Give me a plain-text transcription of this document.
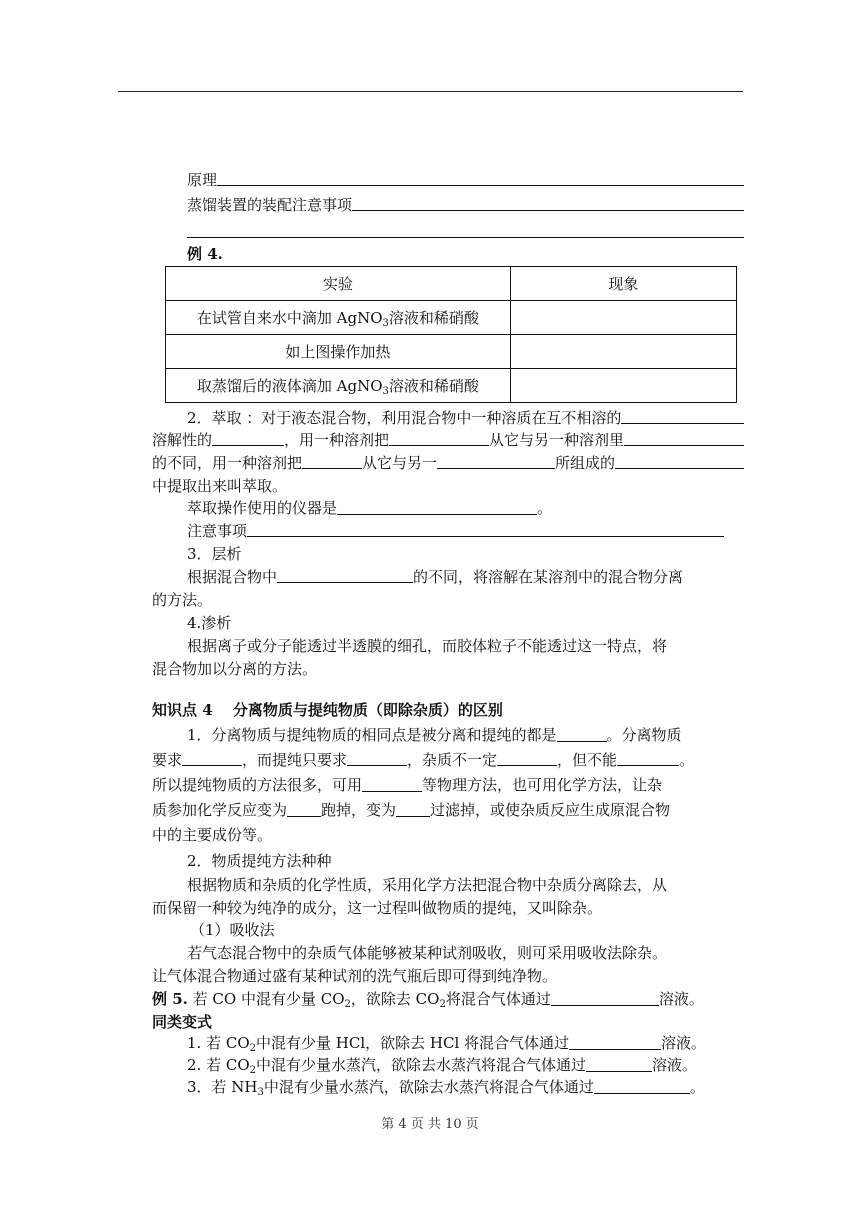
原理
蒸馏装置的装配注意事项
例 4.
实验	现象
在试管自来水中滴加 AgNO$_3$溶液和稀硝酸	
如上图操作加热	
取蒸馏后的液体滴加 AgNO$_3$溶液和稀硝酸	
2．萃取 ：对于液态混合物，利用混合物中一种溶质在互不相溶的
溶解性的	，用一种溶剂把	从它与另一种溶剂里
的不同，用一种溶剂把	从它与另一	所组成的
中提取出来叫萃取。
萃取操作使用的仪器是	。
注意事项
3．层析
根据混合物中	的不同，将溶解在某溶剂中的混合物分离
的方法。
4.渗析
根据离子或分子能透过半透膜的细孔，而胶体粒子不能透过这一特点，将
混合物加以分离的方法。
知识点 4　 分离物质与提纯物质（即除杂质）的区别
1．分离物质与提纯物质的相同点是被分离和提纯的都是	。分离物质
要求	，而提纯只要求	，杂质不一定	，但不能	。
所以提纯物质的方法很多，可用	等物理方法，也可用化学方法，让杂
质参加化学反应变为 跑掉，变为 过滤掉，或使杂质反应生成原混合物
中的主要成份等。
2．物质提纯方法种种
根据物质和杂质的化学性质，采用化学方法把混合物中杂质分离除去，从
而保留一种较为纯净的成分，这一过程叫做物质的提纯，又叫除杂。
（1）吸收法
若气态混合物中的杂质气体能够被某种试剂吸收，则可采用吸收法除杂。
让气体混合物通过盛有某种试剂的洗气瓶后即可得到纯净物。
例 5. 若 CO 中混有少量 $CO_2$，欲除去 $CO_2$将混合气体通过	溶液。
同类变式
1. 若 $CO_2$中混有少量 HCl，欲除去 HCl 将混合气体通过	溶液。
2. 若 $CO_2$中混有少量水蒸汽，欲除去水蒸汽将混合气体通过	溶液。
3．若 $NH_3$中混有少量水蒸汽，欲除去水蒸汽将混合气体通过	。
第 4 页 共 10 页
